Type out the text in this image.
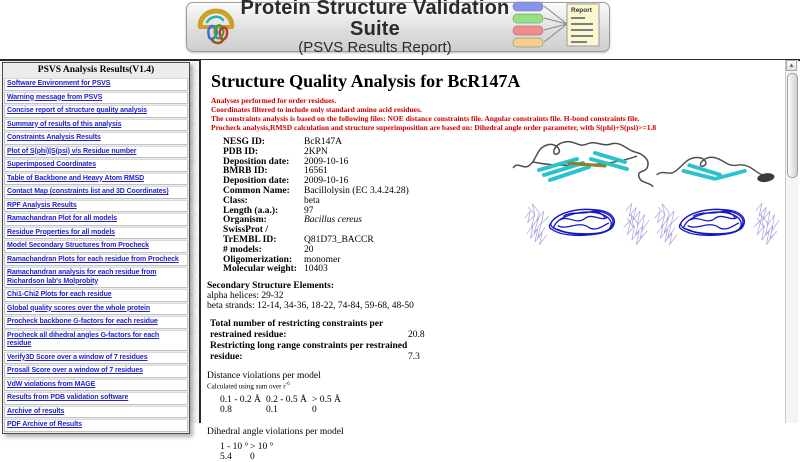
Protein Structure Validation Suite
(PSVS Results Report)
Report
PSVS Analysis Results(V1.4)
Software Environment for PSVS
Warning message from PSVS
Concise report of structure quality analysis
Summary of results of this analysis
Constraints Analysis Results
Plot of S(phi)|S(psi) v/s Residue number
Superimposed Coordinates
Table of Backbone and Heavy Atom RMSD
Contact Map (constraints list and 3D Coordinates)
RPF Analysis Results
Ramachandran Plot for all models
Residue Properties for all models
Model Secondary Structures from Procheck
Ramachandran Plots for each residue from Procheck
Ramachandran analysis for each residue from Richardson lab's Molprobity
Chi1-Chi2 Plots for each residue
Global quality scores over the whole protein
Procheck backbone G-factors for each residue
Procheck all dihedral angles G-factors for each residue
Verify3D Score over a window of 7 residues
Prosall Score over a window of 7 residues
VdW violations from MAGE
Results from PDB validation software
Archive of results
PDF Archive of Results
Structure Quality Analysis for BcR147A
Analyses performed for order residues.
Coordinates filtered to include only standard amino acid residues.
The constraints analysis is based on the following files: NOE distance constraints file. Angular constraints file. H-bond constraints file.
Procheck analysis,RMSD calculation and structure superimposition are based on: Dihedral angle order parameter, with S(phi)+S(psi)>=1.8
NESG ID:	BcR147A
PDB ID:	2KPN
Deposition date: 2009-10-16
BMRB ID:	16561
Deposition date: 2009-10-16
Common Name: Bacillolysin (EC 3.4.24.28)
Class:	beta
Length (a.a.):	97
Organism:	Bacillus cereus
SwissProt / TrEMBL ID:	Q81D73_BACCR
# models:	20
Oligomerization: monomer
Molecular weight: 10403
Secondary Structure Elements:
alpha helices: 29-32
beta strands: 12-14, 34-36, 18-22, 74-84, 59-68, 48-50
Total number of restricting constraints per restrained residue:	20.8
Restricting long range constraints per restrained residue:	7.3
Distance violations per model
Calculated using sum over $r^{-6}$
0.1 - 0.2 Å 0.2 - 0.5 Å > 0.5 Å
0.8	0.1	0
Dihedral angle violations per model
1 - 10 ° > 10 °
5.4 0
▴
